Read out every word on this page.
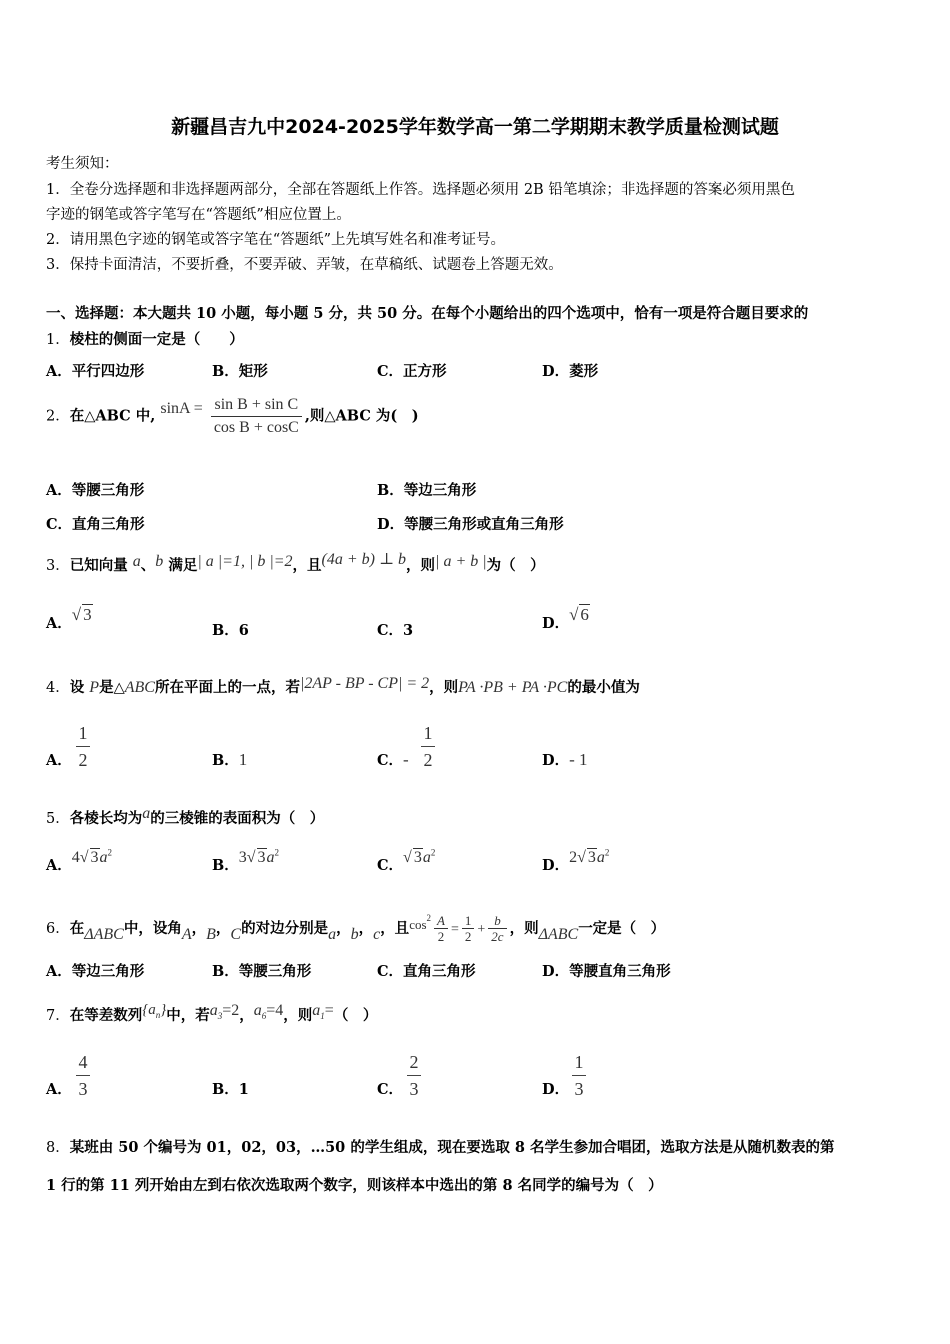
新疆昌吉九中2024-2025学年数学高一第二学期期末教学质量检测试题
考生须知：
1．全卷分选择题和非选择题两部分，全部在答题纸上作答。选择题必须用 2B 铅笔填涂；非选择题的答案必须用黑色
字迹的钢笔或答字笔写在“答题纸”相应位置上。
2．请用黑色字迹的钢笔或答字笔在“答题纸”上先填写姓名和准考证号。
3．保持卡面清洁，不要折叠，不要弄破、弄皱，在草稿纸、试题卷上答题无效。
一、选择题：本大题共 10 小题，每小题 5 分，共 50 分。在每个小题给出的四个选项中，恰有一项是符合题目要求的
1．棱柱的侧面一定是（　　）
A．平行四边形	B．矩形	C．正方形	D．菱形
2．在△ABC 中, $\sin A = \frac{\text{sin B + sin C}}{\text{cos B + cosC}}$ ,则△ABC 为(　)
A．等腰三角形	B．等边三角形
C．直角三角形	D．等腰三角形或直角三角形
3．已知向量 a、b 满足| a |=1, | b |=2，且(4a + b) ⊥ b，则| a + b |为（　）
A．√ 3
B．6	C．3	D．√ 6
4．设 P是△ABC所在平面上的一点，若|2AP - BP - CP| = 2，则PA ·PB + PA ·PC的最小值为
A． $\frac{1}{2}$	B．1	C．- $\frac{1}{2}$	D．- 1
5．各棱长均为a的三棱锥的表面积为（　）
A．4√ $3a^2$
B．3√ $3a^2$
C．√ $3a^2$
D．2√ $3a^2$
6．在ΔABC中，设角A，B，C的对边分别是a，b，c，且$\cos^2 \frac{A}{2} = \frac{1}{2} + \frac{b}{2c}$ ，则ΔABC一定是（　）
A．等边三角形	B．等腰三角形	C．直角三角形	D．等腰直角三角形
7．在等差数列$\{a_n\}$中，若$a_3=2$，$a_6=4$，则$a_1=$（　）
A． $\frac{4}{3}$	B．1	C． $\frac{2}{3}$	D． $\frac{1}{3}$
8．某班由 50 个编号为 01，02，03，…50 的学生组成，现在要选取 8 名学生参加合唱团，选取方法是从随机数表的第
1 行的第 11 列开始由左到右依次选取两个数字，则该样本中选出的第 8 名同学的编号为（　）
